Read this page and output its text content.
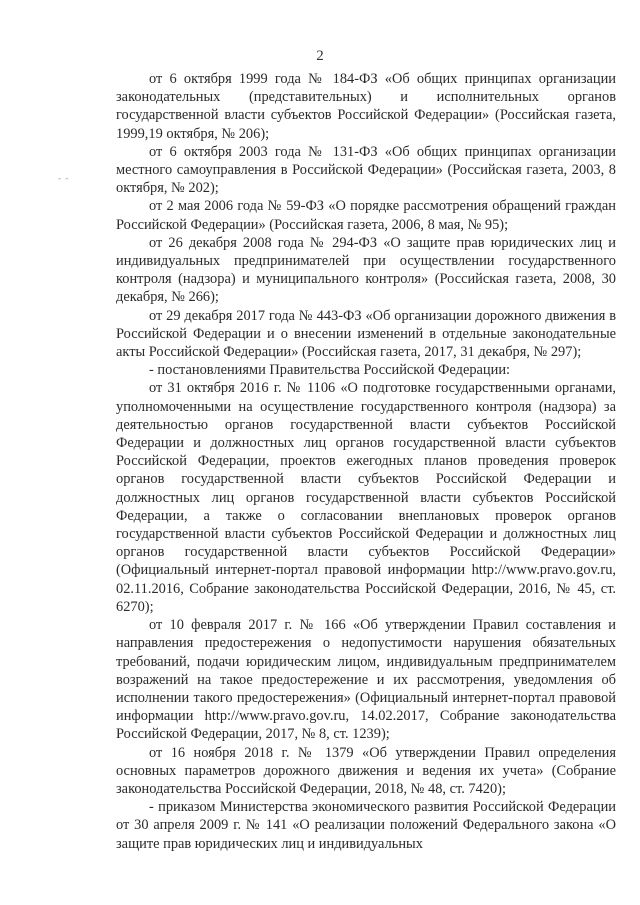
2
- -

от 6 октября 1999 года № 184-ФЗ «Об общих принципах организации законодательных (представительных) и исполнительных органов государственной власти субъектов Российской Федерации» (Российская газета, 1999,19 октября, № 206);

от 6 октября 2003 года № 131-ФЗ «Об общих принципах организации местного самоуправления в Российской Федерации» (Российская газета, 2003, 8 октября, № 202);

от 2 мая 2006 года № 59-ФЗ «О порядке рассмотрения обращений граждан Российской Федерации» (Российская газета, 2006, 8 мая, № 95);

от 26 декабря 2008 года № 294-ФЗ «О защите прав юридических лиц и индивидуальных предпринимателей при осуществлении государственного контроля (надзора) и муниципального контроля» (Российская газета, 2008, 30 декабря, № 266);

от 29 декабря 2017 года № 443-ФЗ «Об организации дорожного движения в Российской Федерации и о внесении изменений в отдельные законодательные акты Российской Федерации» (Российская газета, 2017, 31 декабря, № 297);

- постановлениями Правительства Российской Федерации:

от 31 октября 2016 г. № 1106 «О подготовке государственными органами, уполномоченными на осуществление государственного контроля (надзора) за деятельностью органов государственной власти субъектов Российской Федерации и должностных лиц органов государственной власти субъектов Российской Федерации, проектов ежегодных планов проведения проверок органов государственной власти субъектов Российской Федерации и должностных лиц органов государственной власти субъектов Российской Федерации, а также о согласовании внеплановых проверок органов государственной власти субъектов Российской Федерации и должностных лиц органов государственной власти субъектов Российской Федерации» (Официальный интернет-портал правовой информации http://www.pravo.gov.ru, 02.11.2016, Собрание законодательства Российской Федерации, 2016, № 45, ст. 6270);

от 10 февраля 2017 г. № 166 «Об утверждении Правил составления и направления предостережения о недопустимости нарушения обязательных требований, подачи юридическим лицом, индивидуальным предпринимателем возражений на такое предостережение и их рассмотрения, уведомления об исполнении такого предостережения» (Официальный интернет-портал правовой информации http://www.pravo.gov.ru, 14.02.2017, Собрание законодательства Российской Федерации, 2017, № 8, ст. 1239);

от 16 ноября 2018 г. № 1379 «Об утверждении Правил определения основных параметров дорожного движения и ведения их учета» (Собрание законодательства Российской Федерации, 2018, № 48, ст. 7420);

- приказом Министерства экономического развития Российской Федерации от 30 апреля 2009 г. № 141 «О реализации положений Федерального закона «О защите прав юридических лиц и индивидуальных
